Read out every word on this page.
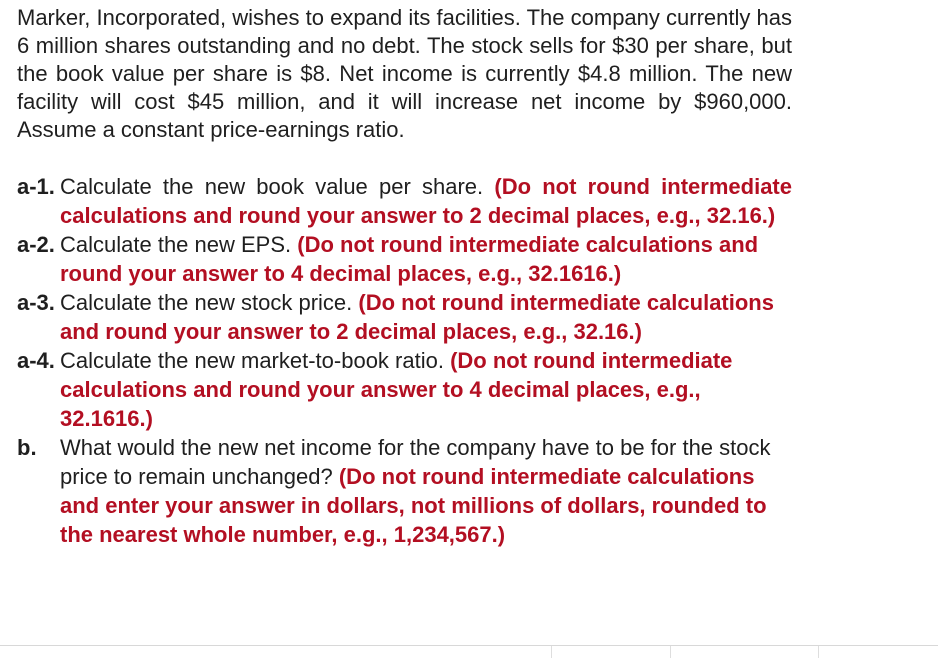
Marker, Incorporated, wishes to expand its facilities. The company currently has 6 million shares outstanding and no debt. The stock sells for $30 per share, but the book value per share is $8. Net income is currently $4.8 million. The new facility will cost $45 million, and it will increase net income by $960,000. Assume a constant price-earnings ratio.

a-1. Calculate the new book value per share. (Do not round intermediate calculations and round your answer to 2 decimal places, e.g., 32.16.)
a-2. Calculate the new EPS. (Do not round intermediate calculations and round your answer to 4 decimal places, e.g., 32.1616.)
a-3. Calculate the new stock price. (Do not round intermediate calculations and round your answer to 2 decimal places, e.g., 32.16.)
a-4. Calculate the new market-to-book ratio. (Do not round intermediate calculations and round your answer to 4 decimal places, e.g., 32.1616.)
b. What would the new net income for the company have to be for the stock price to remain unchanged? (Do not round intermediate calculations and enter your answer in dollars, not millions of dollars, rounded to the nearest whole number, e.g., 1,234,567.)
